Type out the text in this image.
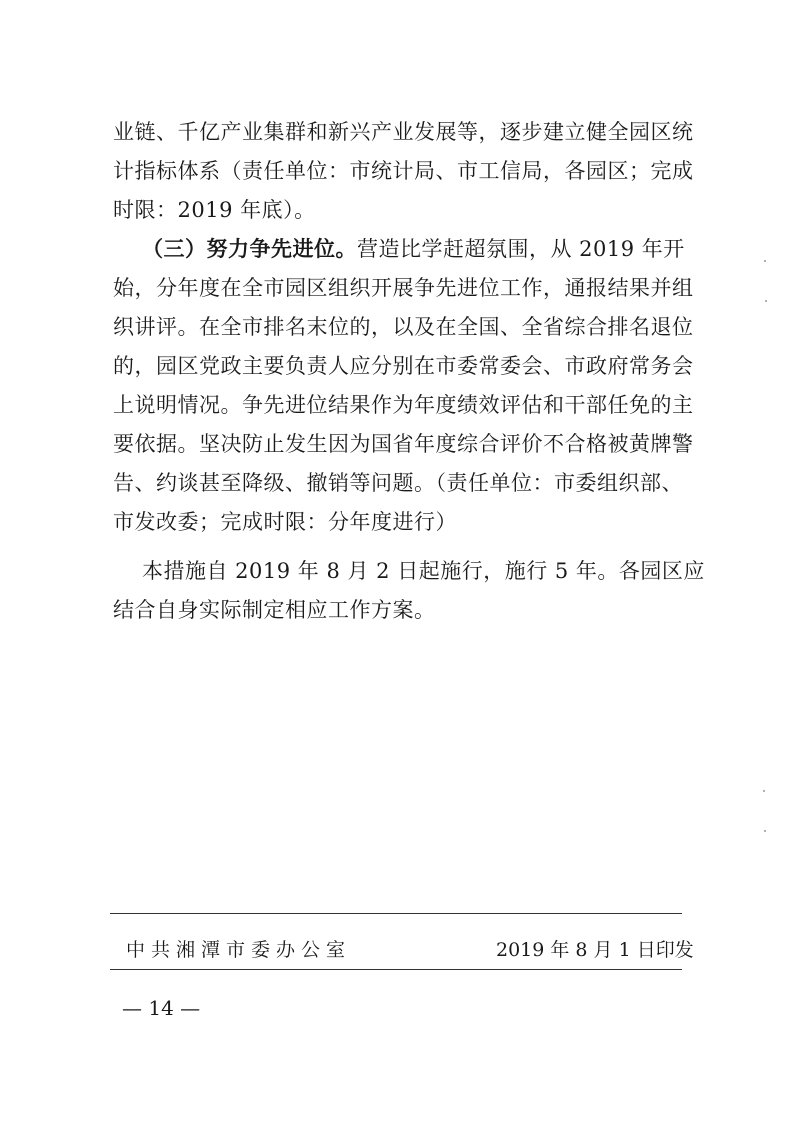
业链、千亿产业集群和新兴产业发展等，逐步建立健全园区统
计指标体系（责任单位：市统计局、市工信局，各园区；完成
时限：2019 年底）。
（三）努力争先进位。营造比学赶超氛围，从 2019 年开
始，分年度在全市园区组织开展争先进位工作，通报结果并组
织讲评。在全市排名末位的，以及在全国、全省综合排名退位
的，园区党政主要负责人应分别在市委常委会、市政府常务会
上说明情况。争先进位结果作为年度绩效评估和干部任免的主
要依据。坚决防止发生因为国省年度综合评价不合格被黄牌警
告、约谈甚至降级、撤销等问题。（责任单位：市委组织部、
市发改委；完成时限：分年度进行）
本措施自 2019 年 8 月 2 日起施行，施行 5 年。各园区应
结合自身实际制定相应工作方案。
中共湘潭市委办公室	2019 年 8 月 1 日印发
— 14 —
